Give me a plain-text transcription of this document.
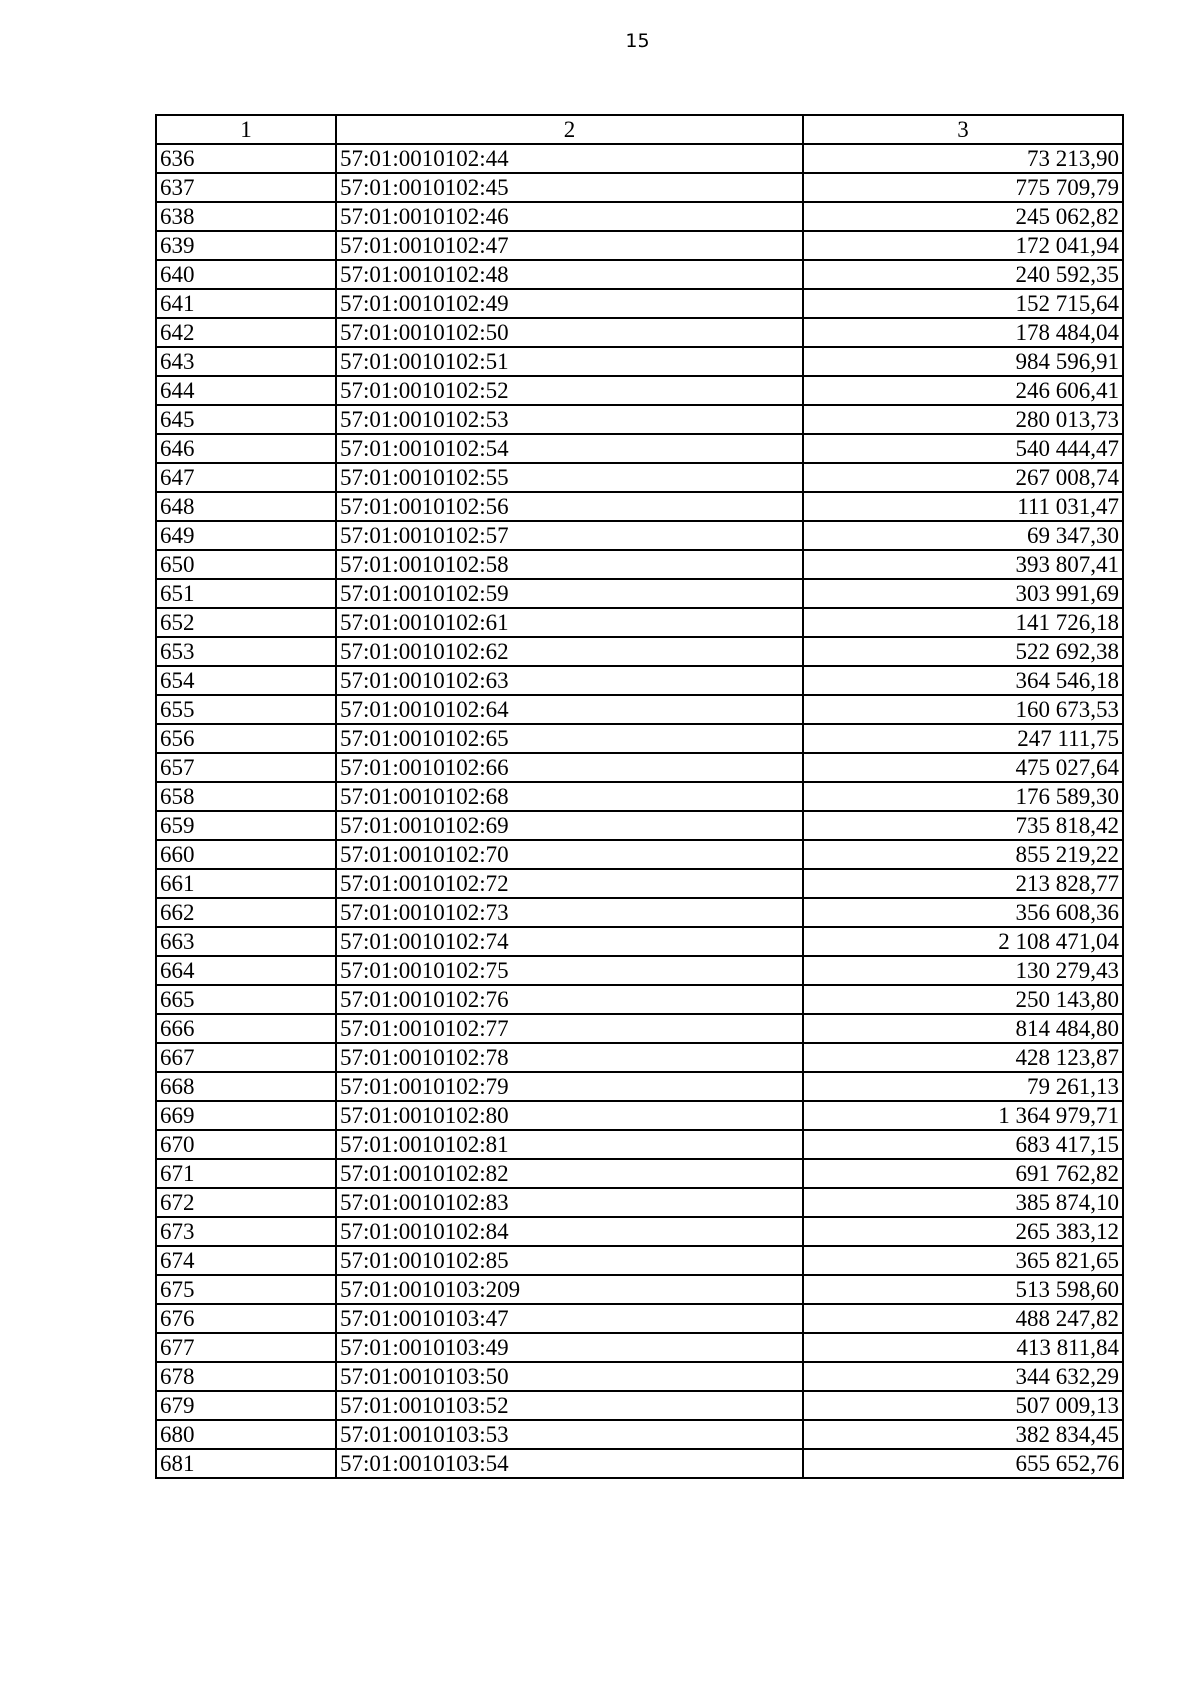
15
1	2	3
636	57:01:0010102:44	73 213,90
637	57:01:0010102:45	775 709,79
638	57:01:0010102:46	245 062,82
639	57:01:0010102:47	172 041,94
640	57:01:0010102:48	240 592,35
641	57:01:0010102:49	152 715,64
642	57:01:0010102:50	178 484,04
643	57:01:0010102:51	984 596,91
644	57:01:0010102:52	246 606,41
645	57:01:0010102:53	280 013,73
646	57:01:0010102:54	540 444,47
647	57:01:0010102:55	267 008,74
648	57:01:0010102:56	111 031,47
649	57:01:0010102:57	69 347,30
650	57:01:0010102:58	393 807,41
651	57:01:0010102:59	303 991,69
652	57:01:0010102:61	141 726,18
653	57:01:0010102:62	522 692,38
654	57:01:0010102:63	364 546,18
655	57:01:0010102:64	160 673,53
656	57:01:0010102:65	247 111,75
657	57:01:0010102:66	475 027,64
658	57:01:0010102:68	176 589,30
659	57:01:0010102:69	735 818,42
660	57:01:0010102:70	855 219,22
661	57:01:0010102:72	213 828,77
662	57:01:0010102:73	356 608,36
663	57:01:0010102:74	2 108 471,04
664	57:01:0010102:75	130 279,43
665	57:01:0010102:76	250 143,80
666	57:01:0010102:77	814 484,80
667	57:01:0010102:78	428 123,87
668	57:01:0010102:79	79 261,13
669	57:01:0010102:80	1 364 979,71
670	57:01:0010102:81	683 417,15
671	57:01:0010102:82	691 762,82
672	57:01:0010102:83	385 874,10
673	57:01:0010102:84	265 383,12
674	57:01:0010102:85	365 821,65
675	57:01:0010103:209	513 598,60
676	57:01:0010103:47	488 247,82
677	57:01:0010103:49	413 811,84
678	57:01:0010103:50	344 632,29
679	57:01:0010103:52	507 009,13
680	57:01:0010103:53	382 834,45
681	57:01:0010103:54	655 652,76
